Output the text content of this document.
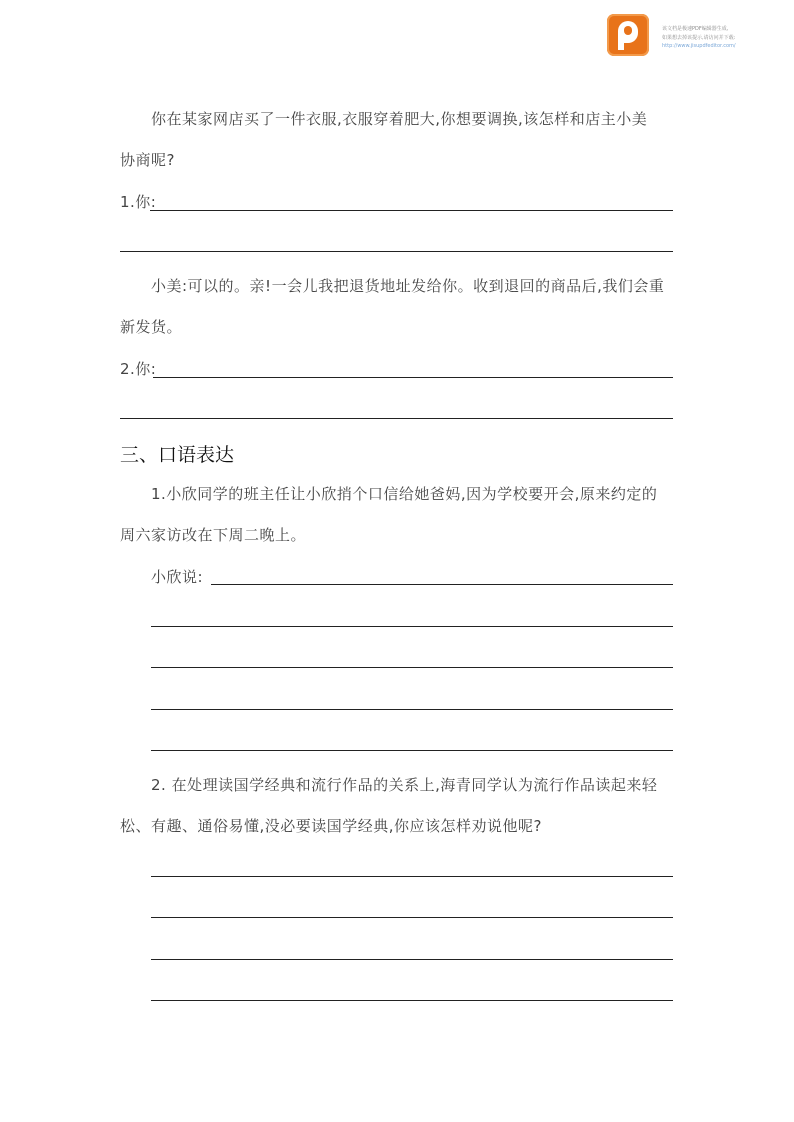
该文档是极速PDF编辑器生成,
如果想去掉该提示,请访问并下载:
http://www.jisupdfeditor.com/
你在某家网店买了一件衣服,衣服穿着肥大,你想要调换,该怎样和店主小美
协商呢?
1.你:
小美:可以的。亲!一会儿我把退货地址发给你。收到退回的商品后,我们会重
新发货。
2.你:
三、口语表达
1.小欣同学的班主任让小欣捎个口信给她爸妈,因为学校要开会,原来约定的
周六家访改在下周二晚上。
小欣说:
2. 在处理读国学经典和流行作品的关系上,海青同学认为流行作品读起来轻
松、有趣、通俗易懂,没必要读国学经典,你应该怎样劝说他呢?
